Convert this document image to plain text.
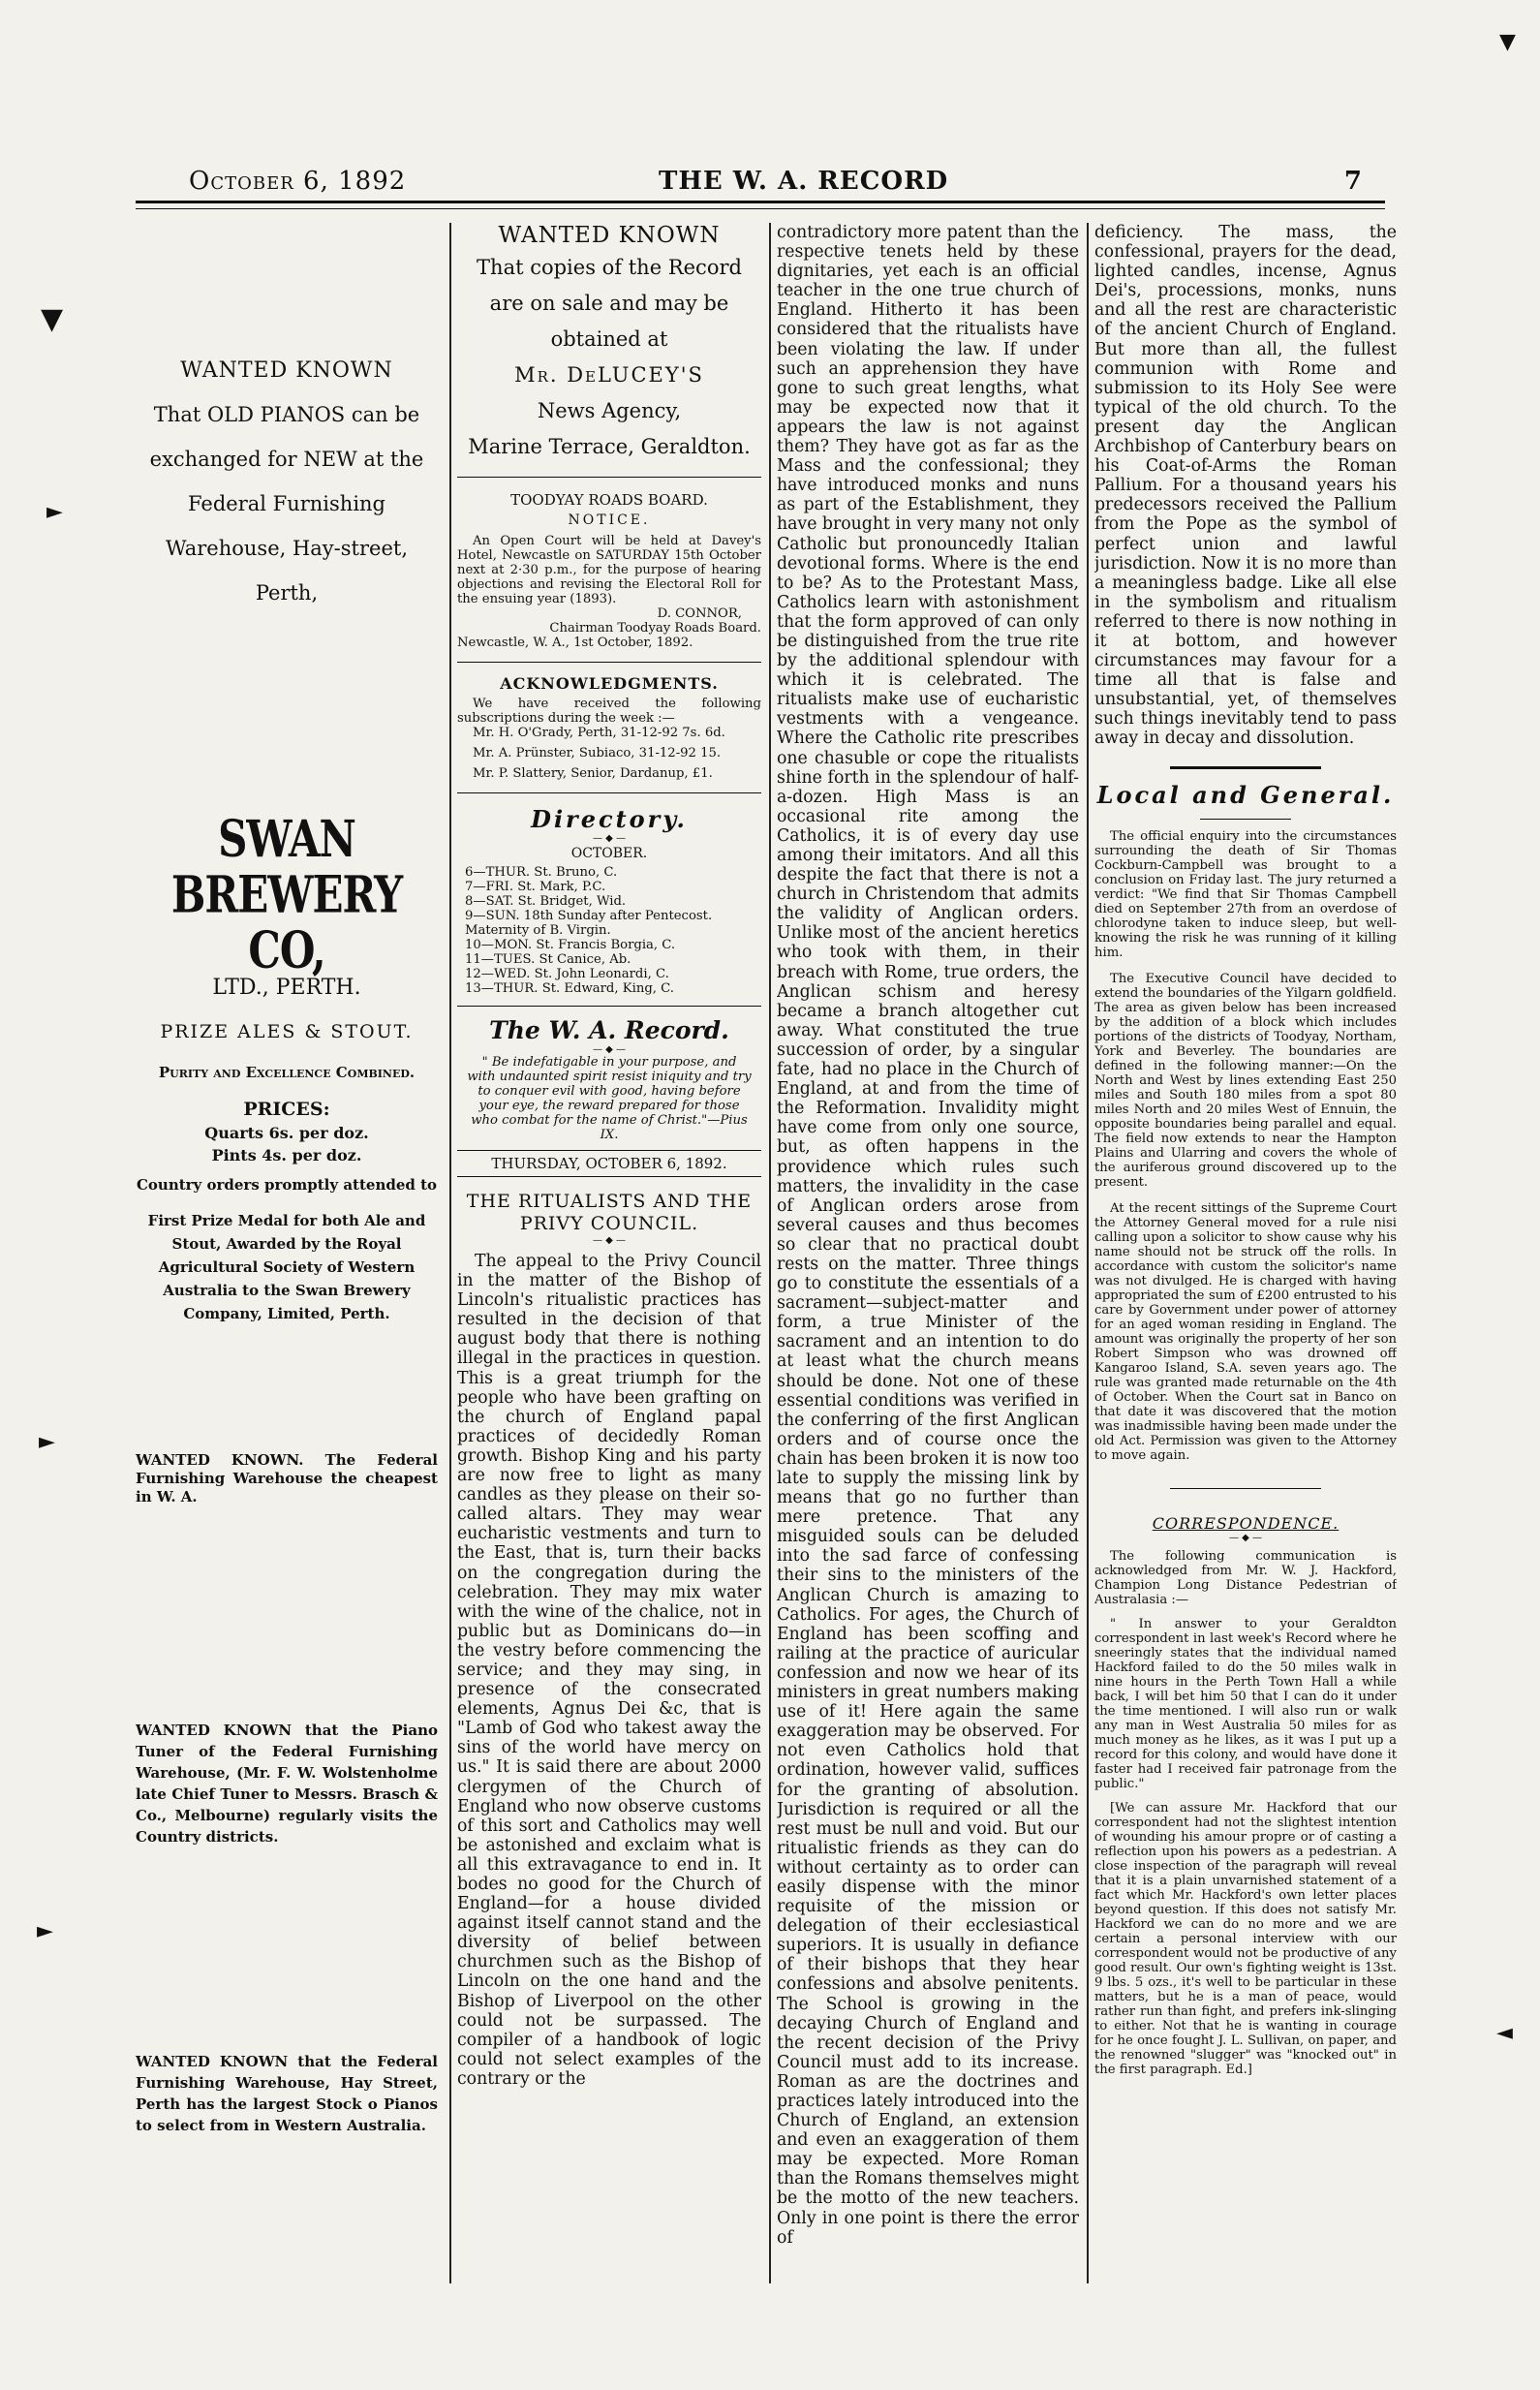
October 6, 1892	THE W. A. RECORD	7
▼
►
►
►
▼
◄

WANTED KNOWN

That OLD PIANOS can be exchanged for NEW at the Federal Furnishing Warehouse, Hay-street, Perth,

SWAN BREWERY CO,

LTD., PERTH.

PRIZE ALES & STOUT.

Purity and Excellence Combined.

PRICES:

Quarts 6s. per doz.

Pints 4s. per doz.

Country orders promptly attended to

First Prize Medal for both Ale and Stout, Awarded by the Royal Agricultural Society of Western Australia to the Swan Brewery Company, Limited, Perth.

WANTED KNOWN. The Federal Furnishing Warehouse the cheapest in W. A.

WANTED KNOWN that the Piano Tuner of the Federal Furnishing Warehouse, (Mr. F. W. Wolstenholme late Chief Tuner to Messrs. Brasch & Co., Melbourne) regularly visits the Country districts.

WANTED KNOWN that the Federal Furnishing Warehouse, Hay Street, Perth has the largest Stock o Pianos to select from in Western Australia.

WANTED KNOWN

That copies of the Record are on sale and may be obtained at

Mr. DeLUCEY'S

News Agency,

Marine Terrace, Geraldton.

TOODYAY ROADS BOARD.

NOTICE.

An Open Court will be held at Davey's Hotel, Newcastle on SATURDAY 15th October next at 2·30 p.m., for the purpose of hearing objections and revising the Electoral Roll for the ensuing year (1893).

D. CONNOR,

Chairman Toodyay Roads Board.

Newcastle, W. A., 1st October, 1892.

ACKNOWLEDGMENTS.

We have received the following subscriptions during the week :—

Mr. H. O'Grady, Perth, 31-12-92 7s. 6d.

Mr. A. Prünster, Subiaco, 31-12-92 15.

Mr. P. Slattery, Senior, Dardanup, £1.

Directory.

— ◆ —

OCTOBER.

6—THUR. St. Bruno, C.

7—FRI. St. Mark, P.C.

8—SAT. St. Bridget, Wid.

9—SUN. 18th Sunday after Pentecost. Maternity of B. Virgin.

10—MON. St. Francis Borgia, C.

11—TUES. St Canice, Ab.

12—WED. St. John Leonardi, C.

13—THUR. St. Edward, King, C.

The W. A. Record.

— ◆ —

" Be indefatigable in your purpose, and with undaunted spirit resist iniquity and try to conquer evil with good, having before your eye, the reward prepared for those who combat for the name of Christ."—Pius IX.

THURSDAY, OCTOBER 6, 1892.

THE RITUALISTS AND THE PRIVY COUNCIL.

— ◆ —

The appeal to the Privy Council in the matter of the Bishop of Lincoln's ritualistic practices has resulted in the decision of that august body that there is nothing illegal in the practices in question. This is a great triumph for the people who have been grafting on the church of England papal practices of decidedly Roman growth. Bishop King and his party are now free to light as many candles as they please on their so-called altars. They may wear eucharistic vestments and turn to the East, that is, turn their backs on the congregation during the celebration. They may mix water with the wine of the chalice, not in public but as Dominicans do—in the vestry before commencing the service; and they may sing, in presence of the consecrated elements, Agnus Dei &c, that is "Lamb of God who takest away the sins of the world have mercy on us." It is said there are about 2000 clergymen of the Church of England who now observe customs of this sort and Catholics may well be astonished and exclaim what is all this extravagance to end in. It bodes no good for the Church of England—for a house divided against itself cannot stand and the diversity of belief between churchmen such as the Bishop of Lincoln on the one hand and the Bishop of Liverpool on the other could not be surpassed. The compiler of a handbook of logic could not select examples of the contrary or the

contradictory more patent than the respective tenets held by these dignitaries, yet each is an official teacher in the one true church of England. Hitherto it has been considered that the ritualists have been violating the law. If under such an apprehension they have gone to such great lengths, what may be expected now that it appears the law is not against them? They have got as far as the Mass and the confessional; they have introduced monks and nuns as part of the Establishment, they have brought in very many not only Catholic but pronouncedly Italian devotional forms. Where is the end to be? As to the Protestant Mass, Catholics learn with astonishment that the form approved of can only be distinguished from the true rite by the additional splendour with which it is celebrated. The ritualists make use of eucharistic vestments with a vengeance. Where the Catholic rite prescribes one chasuble or cope the ritualists shine forth in the splendour of half-a-dozen. High Mass is an occasional rite among the Catholics, it is of every day use among their imitators. And all this despite the fact that there is not a church in Christendom that admits the validity of Anglican orders. Unlike most of the ancient heretics who took with them, in their breach with Rome, true orders, the Anglican schism and heresy became a branch altogether cut away. What constituted the true succession of order, by a singular fate, had no place in the Church of England, at and from the time of the Reformation. Invalidity might have come from only one source, but, as often happens in the providence which rules such matters, the invalidity in the case of Anglican orders arose from several causes and thus becomes so clear that no practical doubt rests on the matter. Three things go to constitute the essentials of a sacrament—subject-matter and form, a true Minister of the sacrament and an intention to do at least what the church means should be done. Not one of these essential conditions was verified in the conferring of the first Anglican orders and of course once the chain has been broken it is now too late to supply the missing link by means that go no further than mere pretence. That any misguided souls can be deluded into the sad farce of confessing their sins to the ministers of the Anglican Church is amazing to Catholics. For ages, the Church of England has been scoffing and railing at the practice of auricular confession and now we hear of its ministers in great numbers making use of it! Here again the same exaggeration may be observed. For not even Catholics hold that ordination, however valid, suffices for the granting of absolution. Jurisdiction is required or all the rest must be null and void. But our ritualistic friends as they can do without certainty as to order can easily dispense with the minor requisite of the mission or delegation of their ecclesiastical superiors. It is usually in defiance of their bishops that they hear confessions and absolve penitents. The School is growing in the decaying Church of England and the recent decision of the Privy Council must add to its increase. Roman as are the doctrines and practices lately introduced into the Church of England, an extension and even an exaggeration of them may be expected. More Roman than the Romans themselves might be the motto of the new teachers. Only in one point is there the error of

deficiency. The mass, the confessional, prayers for the dead, lighted candles, incense, Agnus Dei's, processions, monks, nuns and all the rest are characteristic of the ancient Church of England. But more than all, the fullest communion with Rome and submission to its Holy See were typical of the old church. To the present day the Anglican Archbishop of Canterbury bears on his Coat-of-Arms the Roman Pallium. For a thousand years his predecessors received the Pallium from the Pope as the symbol of perfect union and lawful jurisdiction. Now it is no more than a meaningless badge. Like all else in the symbolism and ritualism referred to there is now nothing in it at bottom, and however circumstances may favour for a time all that is false and unsubstantial, yet, of themselves such things inevitably tend to pass away in decay and dissolution.

Local and General.

The official enquiry into the circumstances surrounding the death of Sir Thomas Cockburn-Campbell was brought to a conclusion on Friday last. The jury returned a verdict: "We find that Sir Thomas Campbell died on September 27th from an overdose of chlorodyne taken to induce sleep, but well-knowing the risk he was running of it killing him.

The Executive Council have decided to extend the boundaries of the Yilgarn goldfield. The area as given below has been increased by the addition of a block which includes portions of the districts of Toodyay, Northam, York and Beverley. The boundaries are defined in the following manner:—On the North and West by lines extending East 250 miles and South 180 miles from a spot 80 miles North and 20 miles West of Ennuin, the opposite boundaries being parallel and equal. The field now extends to near the Hampton Plains and Ularring and covers the whole of the auriferous ground discovered up to the present.

At the recent sittings of the Supreme Court the Attorney General moved for a rule nisi calling upon a solicitor to show cause why his name should not be struck off the rolls. In accordance with custom the solicitor's name was not divulged. He is charged with having appropriated the sum of £200 entrusted to his care by Government under power of attorney for an aged woman residing in England. The amount was originally the property of her son Robert Simpson who was drowned off Kangaroo Island, S.A. seven years ago. The rule was granted made returnable on the 4th of October. When the Court sat in Banco on that date it was discovered that the motion was inadmissible having been made under the old Act. Permission was given to the Attorney to move again.

CORRESPONDENCE.

— ◆ —

The following communication is acknowledged from Mr. W. J. Hackford, Champion Long Distance Pedestrian of Australasia :—

" In answer to your Geraldton correspondent in last week's Record where he sneeringly states that the individual named Hackford failed to do the 50 miles walk in nine hours in the Perth Town Hall a while back, I will bet him 50 that I can do it under the time mentioned. I will also run or walk any man in West Australia 50 miles for as much money as he likes, as it was I put up a record for this colony, and would have done it faster had I received fair patronage from the public."

[We can assure Mr. Hackford that our correspondent had not the slightest intention of wounding his amour propre or of casting a reflection upon his powers as a pedestrian. A close inspection of the paragraph will reveal that it is a plain unvarnished statement of a fact which Mr. Hackford's own letter places beyond question. If this does not satisfy Mr. Hackford we can do no more and we are certain a personal interview with our correspondent would not be productive of any good result. Our own's fighting weight is 13st. 9 lbs. 5 ozs., it's well to be particular in these matters, but he is a man of peace, would rather run than fight, and prefers ink-slinging to either. Not that he is wanting in courage for he once fought J. L. Sullivan, on paper, and the renowned "slugger" was "knocked out" in the first paragraph. Ed.]
